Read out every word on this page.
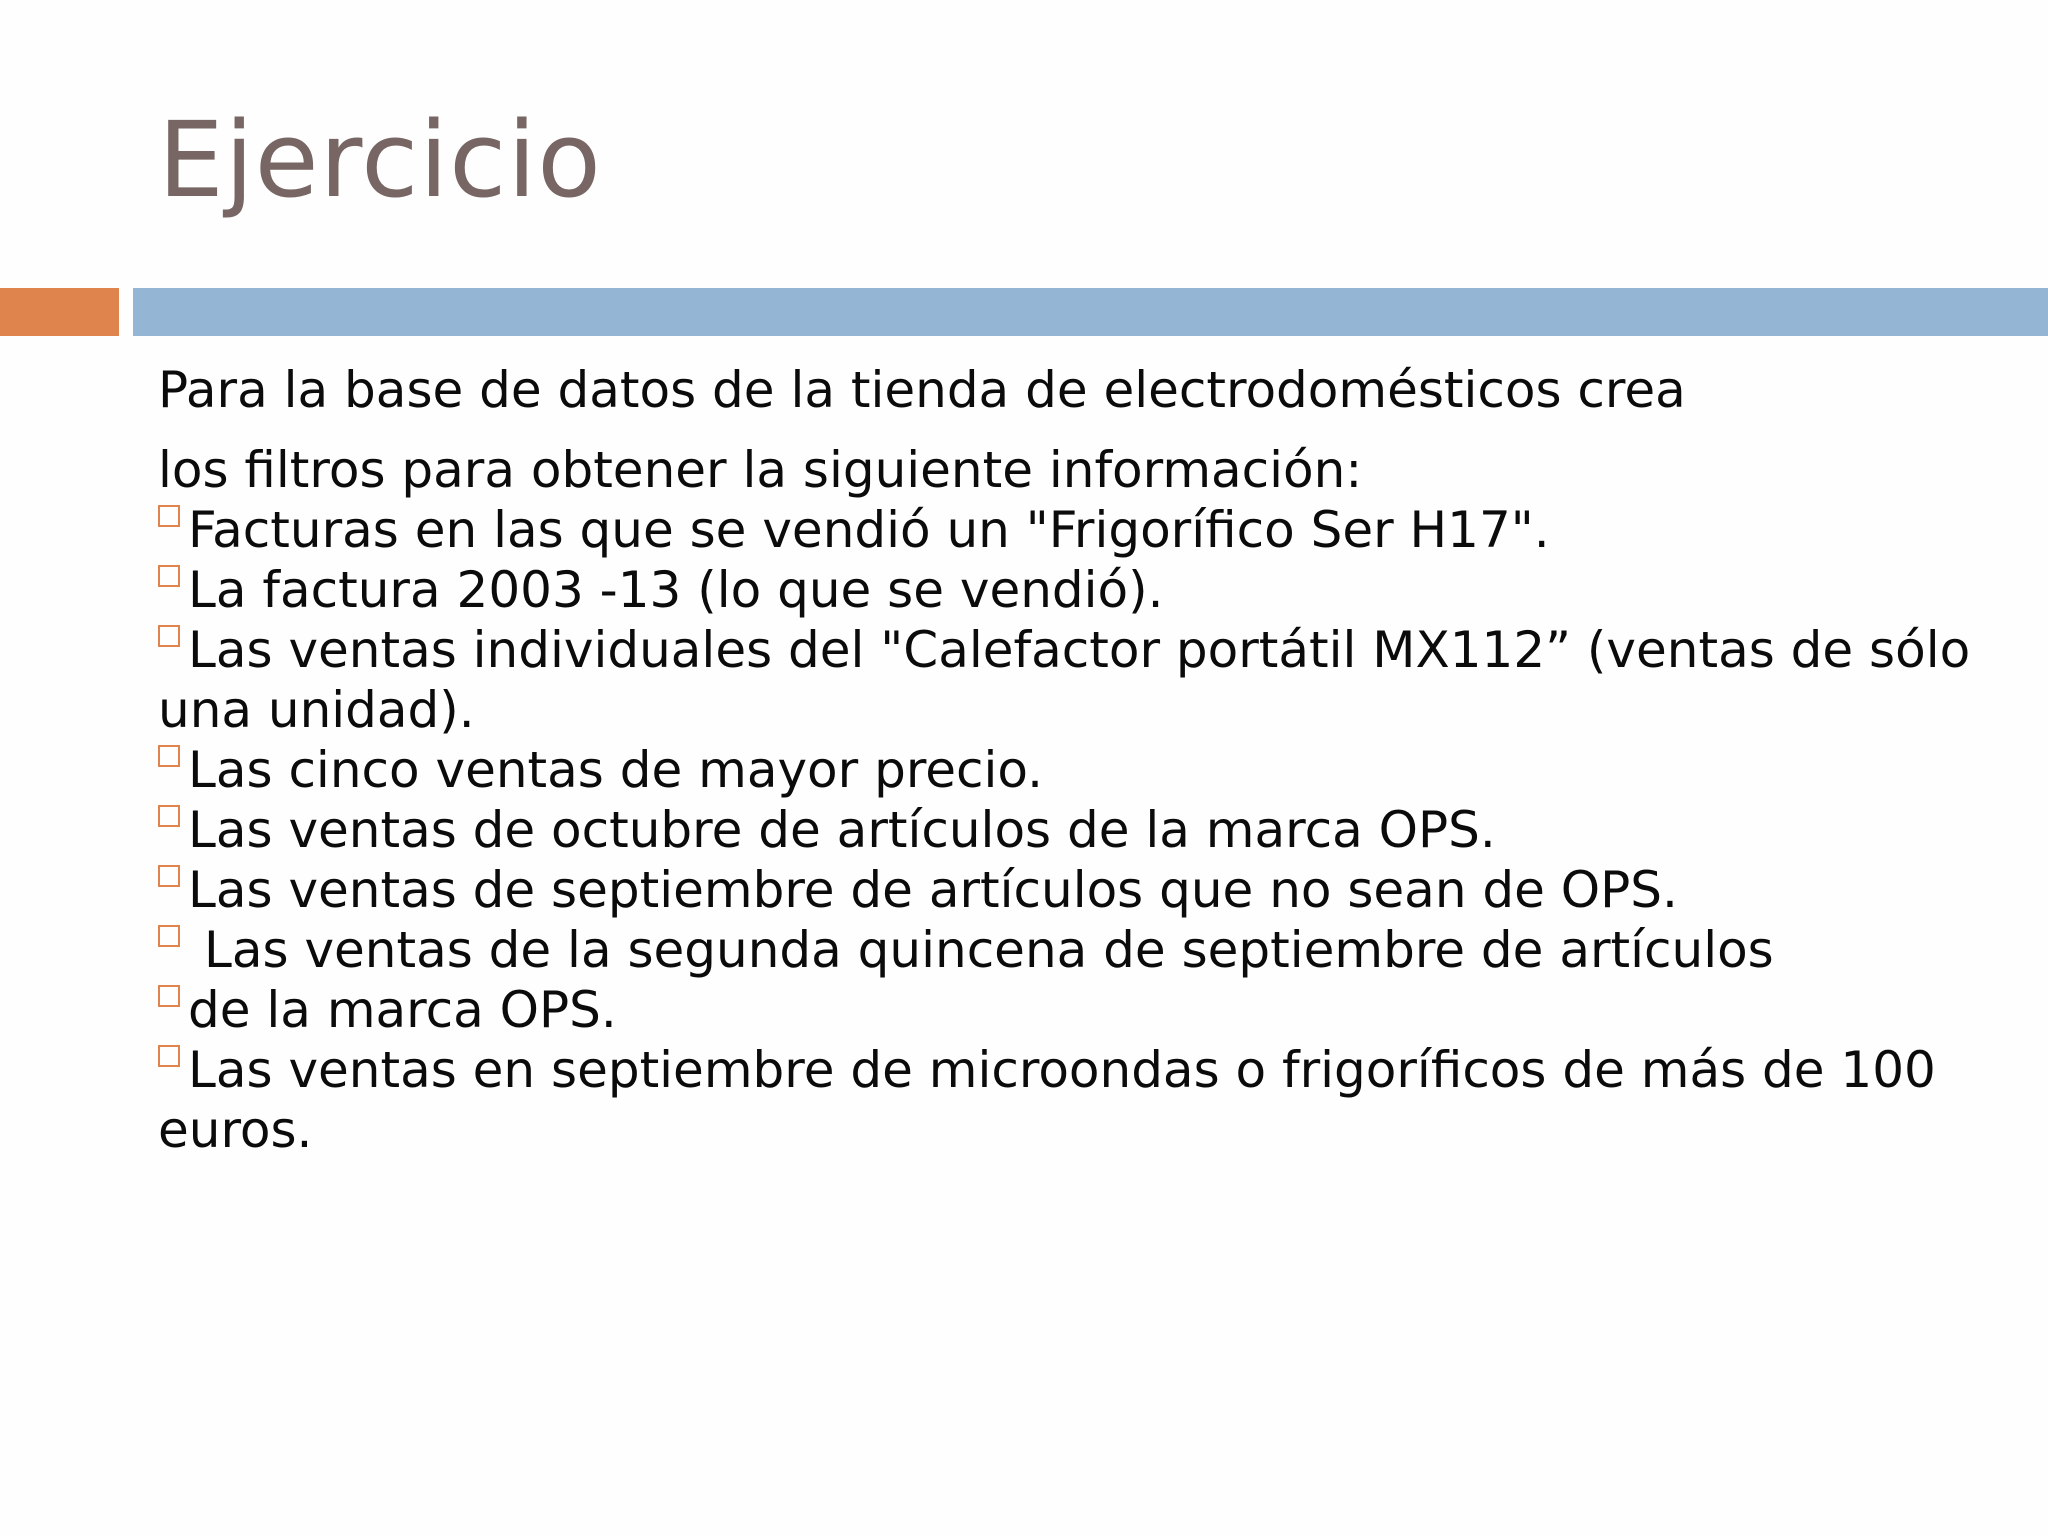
Ejercicio

Para la base de datos de la tienda de electrodomésticos crea

los filtros para obtener la siguiente información:

Facturas en las que se vendió un "Frigorífico Ser H17".
La factura 2003 -13 (lo que se vendió).
Las ventas individuales del "Calefactor portátil MX112” (ventas de sólo una unidad).
Las cinco ventas de mayor precio.
Las ventas de octubre de artículos de la marca OPS.
Las ventas de septiembre de artículos que no sean de OPS.
Las ventas de la segunda quincena de septiembre de artículos
de la marca OPS.
Las ventas en septiembre de microondas o frigoríficos de más de 100 euros.
